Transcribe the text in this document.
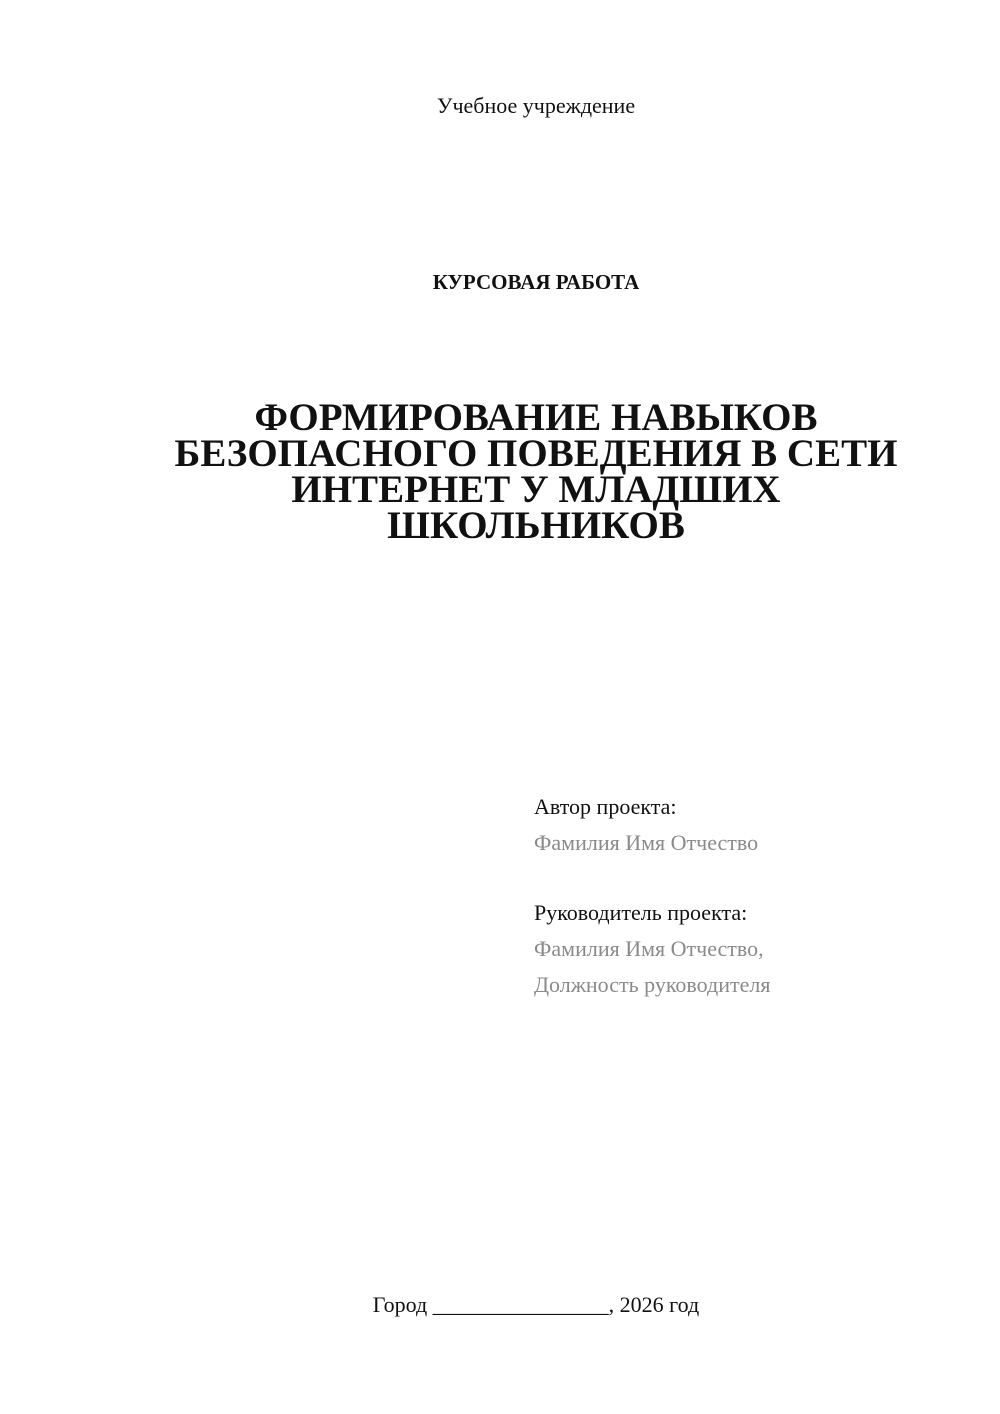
Учебное учреждение
КУРСОВАЯ РАБОТА
ФОРМИРОВАНИЕ НАВЫКОВ
БЕЗОПАСНОГО ПОВЕДЕНИЯ В СЕТИ
ИНТЕРНЕТ У МЛАДШИХ
ШКОЛЬНИКОВ
Автор проекта:
Фамилия Имя Отчество
Руководитель проекта:
Фамилия Имя Отчество,
Должность руководителя
Город ________________, 2026 год
